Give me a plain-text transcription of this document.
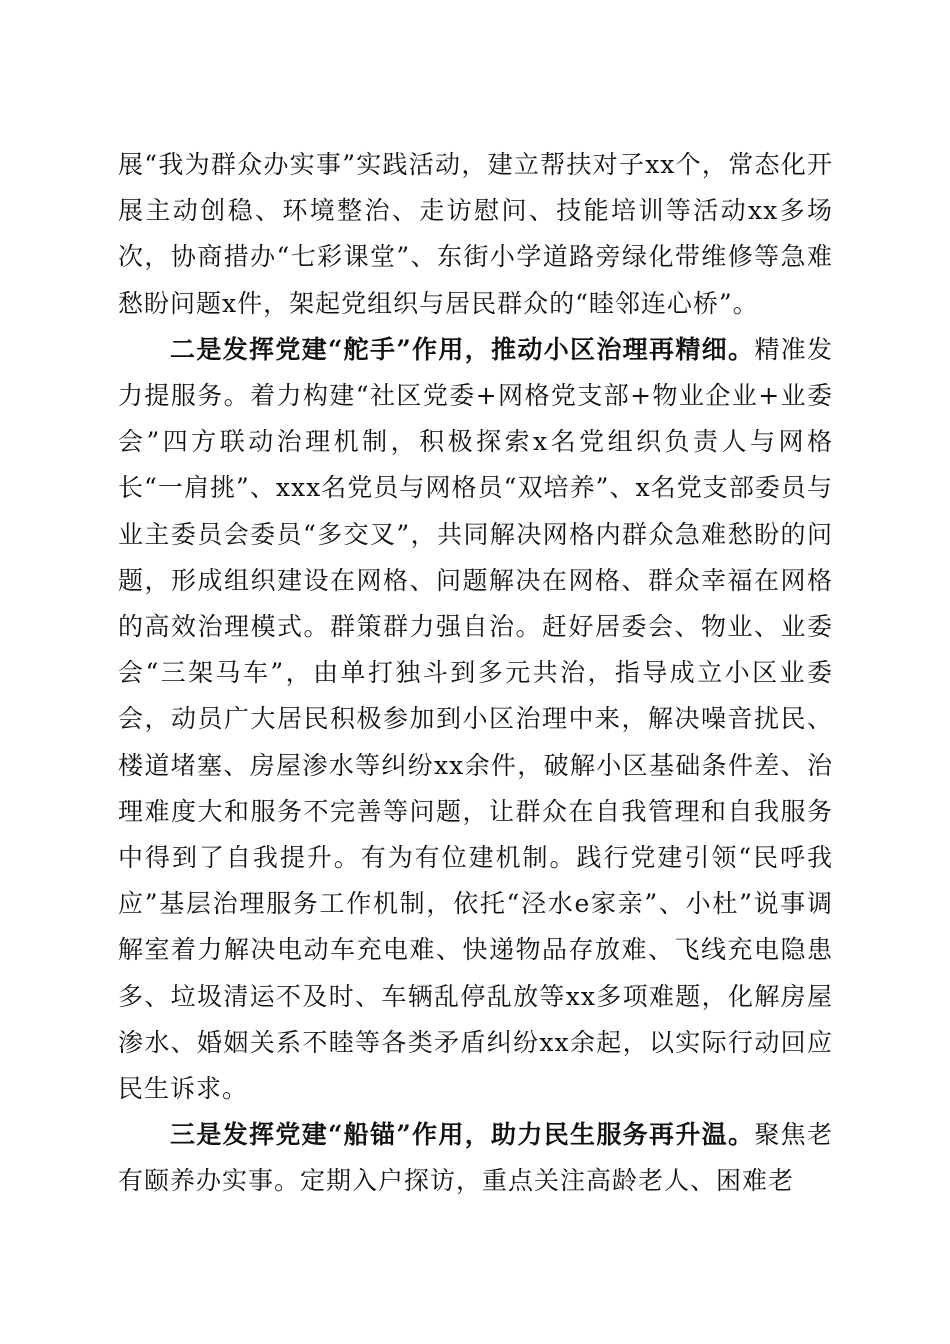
展“我为群众办实事”实践活动，建立帮扶对子xx个，常态化开展主动创稳、环境整治、走访慰问、技能培训等活动xx多场次，协商措办“七彩课堂”、东街小学道路旁绿化带维修等急难愁盼问题x件，架起党组织与居民群众的“睦邻连心桥”。

二是发挥党建“舵手”作用，推动小区治理再精细。精准发力提服务。着力构建“社区党委+网格党支部+物业企业+业委会”四方联动治理机制，积极探索x名党组织负责人与网格长“一肩挑”、xxx名党员与网格员“双培养”、x名党支部委员与业主委员会委员“多交叉”，共同解决网格内群众急难愁盼的问题，形成组织建设在网格、问题解决在网格、群众幸福在网格的高效治理模式。群策群力强自治。赶好居委会、物业、业委会“三架马车”，由单打独斗到多元共治，指导成立小区业委会，动员广大居民积极参加到小区治理中来，解决噪音扰民、楼道堵塞、房屋渗水等纠纷xx余件，破解小区基础条件差、治理难度大和服务不完善等问题，让群众在自我管理和自我服务中得到了自我提升。有为有位建机制。践行党建引领“民呼我应”基层治理服务工作机制，依托“泾水e家亲”、小杜”说事调解室着力解决电动车充电难、快递物品存放难、飞线充电隐患多、垃圾清运不及时、车辆乱停乱放等xx多项难题，化解房屋渗水、婚姻关系不睦等各类矛盾纠纷xx余起，以实际行动回应民生诉求。

三是发挥党建“船锚”作用，助力民生服务再升温。聚焦老有颐养办实事。定期入户探访，重点关注高龄老人、困难老
